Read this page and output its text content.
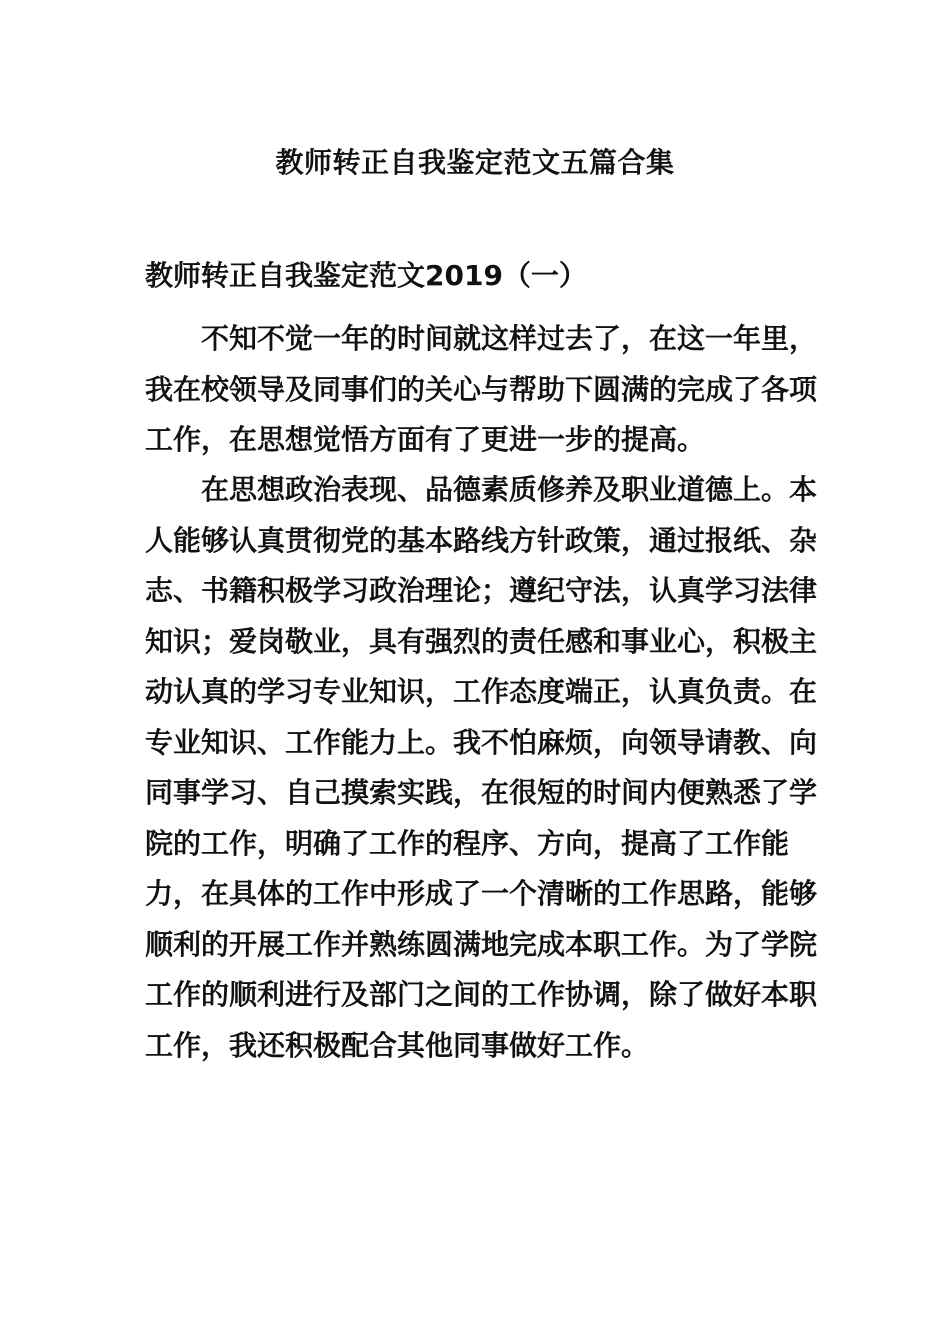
教师转正自我鉴定范文五篇合集
教师转正自我鉴定范文2019（一）

不知不觉一年的时间就这样过去了，在这一年里，我在校领导及同事们的关心与帮助下圆满的完成了各项工作，在思想觉悟方面有了更进一步的提高。

在思想政治表现、品德素质修养及职业道德上。本人能够认真贯彻党的基本路线方针政策，通过报纸、杂志、书籍积极学习政治理论；遵纪守法，认真学习法律知识；爱岗敬业，具有强烈的责任感和事业心，积极主动认真的学习专业知识，工作态度端正，认真负责。在专业知识、工作能力上。我不怕麻烦，向领导请教、向同事学习、自己摸索实践，在很短的时间内便熟悉了学院的工作，明确了工作的程序、方向，提高了工作能力，在具体的工作中形成了一个清晰的工作思路，能够顺利的开展工作并熟练圆满地完成本职工作。为了学院工作的顺利进行及部门之间的工作协调，除了做好本职工作，我还积极配合其他同事做好工作。
